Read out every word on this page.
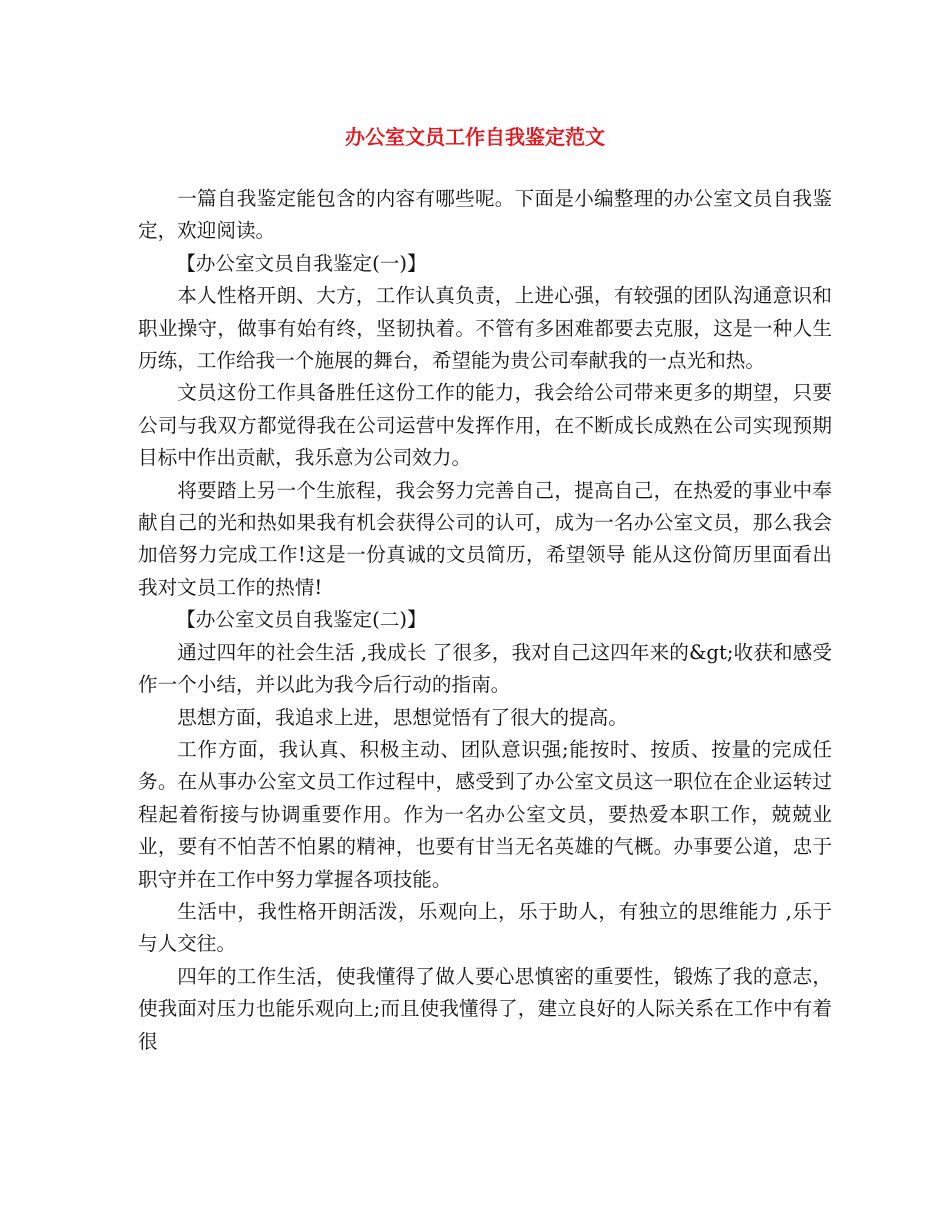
办公室文员工作自我鉴定范文

一篇自我鉴定能包含的内容有哪些呢。下面是小编整理的办公室文员自我鉴定，欢迎阅读。

【办公室文员自我鉴定(一)】

本人性格开朗、大方，工作认真负责，上进心强，有较强的团队沟通意识和职业操守，做事有始有终，坚韧执着。不管有多困难都要去克服，这是一种人生历练，工作给我一个施展的舞台，希望能为贵公司奉献我的一点光和热。

文员这份工作具备胜任这份工作的能力，我会给公司带来更多的期望，只要公司与我双方都觉得我在公司运营中发挥作用，在不断成长成熟在公司实现预期目标中作出贡献，我乐意为公司效力。

将要踏上另一个生旅程，我会努力完善自己，提高自己，在热爱的事业中奉献自己的光和热如果我有机会获得公司的认可，成为一名办公室文员，那么我会加倍努力完成工作!这是一份真诚的文员简历，希望领导 能从这份简历里面看出我对文员工作的热情!

【办公室文员自我鉴定(二)】

通过四年的社会生活 ,我成长 了很多，我对自己这四年来的&gt;收获和感受作一个小结，并以此为我今后行动的指南。

思想方面，我追求上进，思想觉悟有了很大的提高。

工作方面，我认真、积极主动、团队意识强;能按时、按质、按量的完成任务。在从事办公室文员工作过程中，感受到了办公室文员这一职位在企业运转过程起着衔接与协调重要作用。作为一名办公室文员，要热爱本职工作，兢兢业业，要有不怕苦不怕累的精神，也要有甘当无名英雄的气概。办事要公道，忠于职守并在工作中努力掌握各项技能。

生活中，我性格开朗活泼，乐观向上，乐于助人，有独立的思维能力 ,乐于与人交往。

四年的工作生活，使我懂得了做人要心思慎密的重要性，锻炼了我的意志，使我面对压力也能乐观向上;而且使我懂得了，建立良好的人际关系在工作中有着很
